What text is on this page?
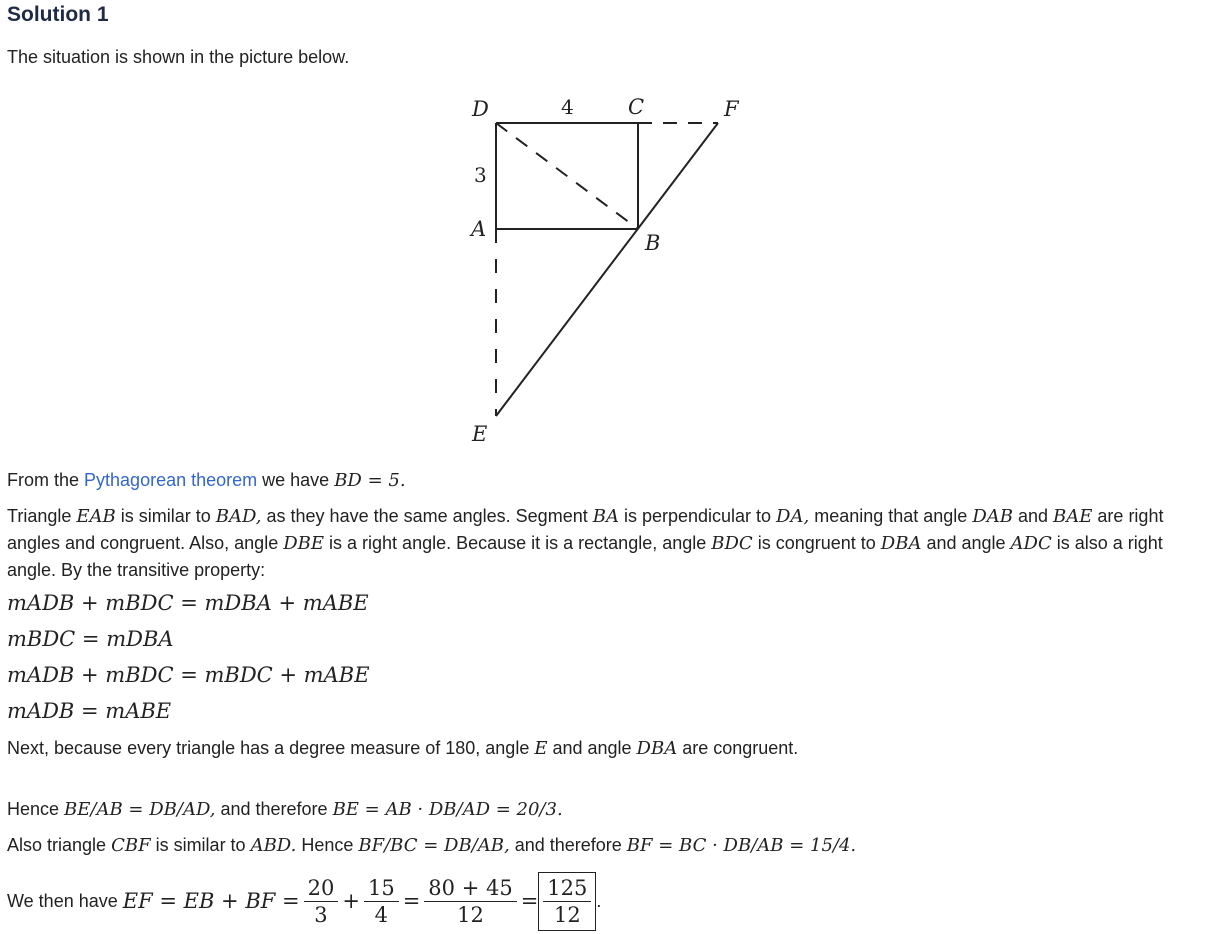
Solution 1
The situation is shown in the picture below.
D	C	F
A
B
E
4
3
From the Pythagorean theorem we have BD = 5.
Triangle EAB is similar to BAD, as they have the same angles. Segment BA is perpendicular to DA, meaning that angle DAB and BAE are right angles and congruent. Also, angle DBE is a right angle. Because it is a rectangle, angle BDC is congruent to DBA and angle ADC is also a right angle. By the transitive property:
mADB + mBDC = mDBA + mABE
mBDC = mDBA
mADB + mBDC = mBDC + mABE
mADB = mABE
Next, because every triangle has a degree measure of 180, angle E and angle DBA are congruent.
Hence BE/AB = DB/AD, and therefore BE = AB · DB/AD = 20/3.
Also triangle CBF is similar to ABD. Hence BF/BC = DB/AB, and therefore BF = BC · DB/AB = 15/4.
We then have
EF = EB + BF = $\frac{20}{3} + \frac{15}{4} = \frac{80 + 45}{12} = \frac{125}{12}$ .
